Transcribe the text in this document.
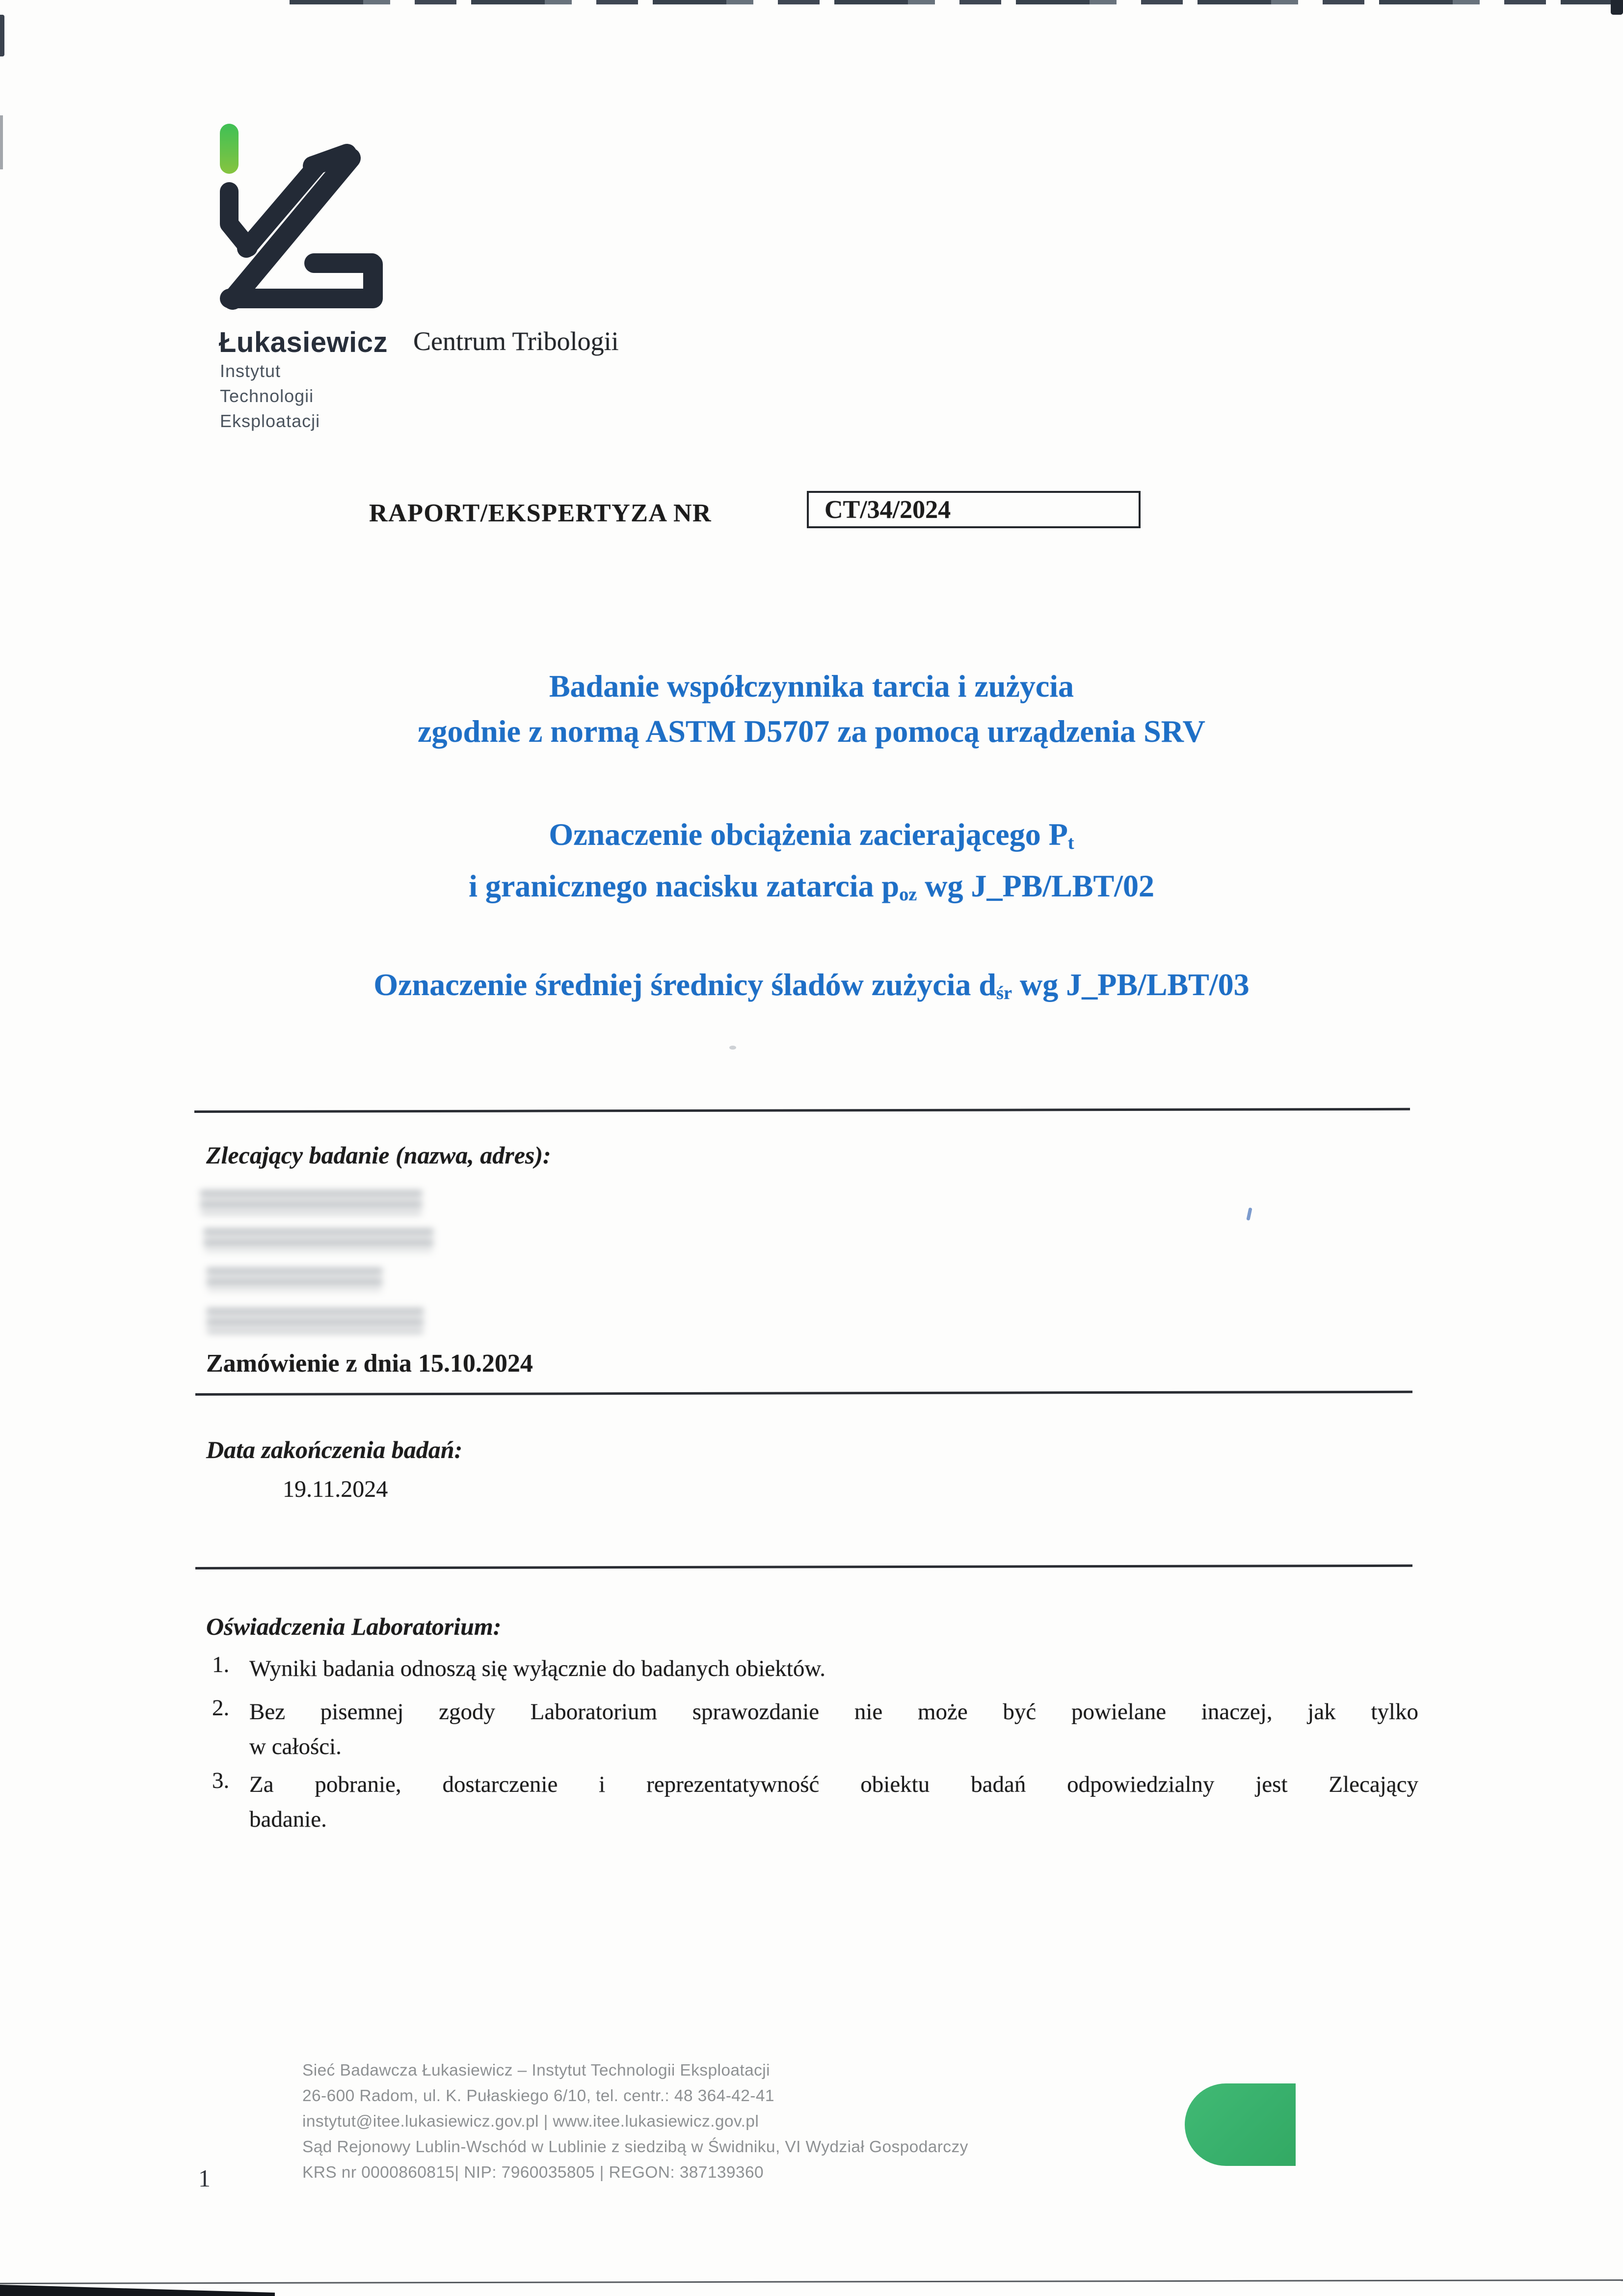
Łukasiewicz
Instytut
Technologii
Eksploatacji
Centrum Tribologii
RAPORT/EKSPERTYZA NR	CT/34/2024
Badanie współczynnika tarcia i zużycia
zgodnie z normą ASTM D5707 za pomocą urządzenia SRV
Oznaczenie obciążenia zacierającego Pt
i granicznego nacisku zatarcia poz wg J_PB/LBT/02
Oznaczenie średniej średnicy śladów zużycia dśr wg J_PB/LBT/03
Zlecający badanie (nazwa, adres):
Zamówienie z dnia 15.10.2024
Data zakończenia badań:
19.11.2024
Oświadczenia Laboratorium:
1. Wyniki badania odnoszą się wyłącznie do badanych obiektów.
2. Bez pisemnej zgody Laboratorium sprawozdanie nie może być powielane inaczej, jak tylko
w całości.
3. Za pobranie, dostarczenie i reprezentatywność obiektu badań odpowiedzialny jest Zlecający
badanie.
Sieć Badawcza Łukasiewicz – Instytut Technologii Eksploatacji
26-600 Radom, ul. K. Pułaskiego 6/10, tel. centr.: 48 364-42-41
instytut@itee.lukasiewicz.gov.pl | www.itee.lukasiewicz.gov.pl
Sąd Rejonowy Lublin-Wschód w Lublinie z siedzibą w Świdniku, VI Wydział Gospodarczy
KRS nr 0000860815| NIP: 7960035805 | REGON: 387139360
1
